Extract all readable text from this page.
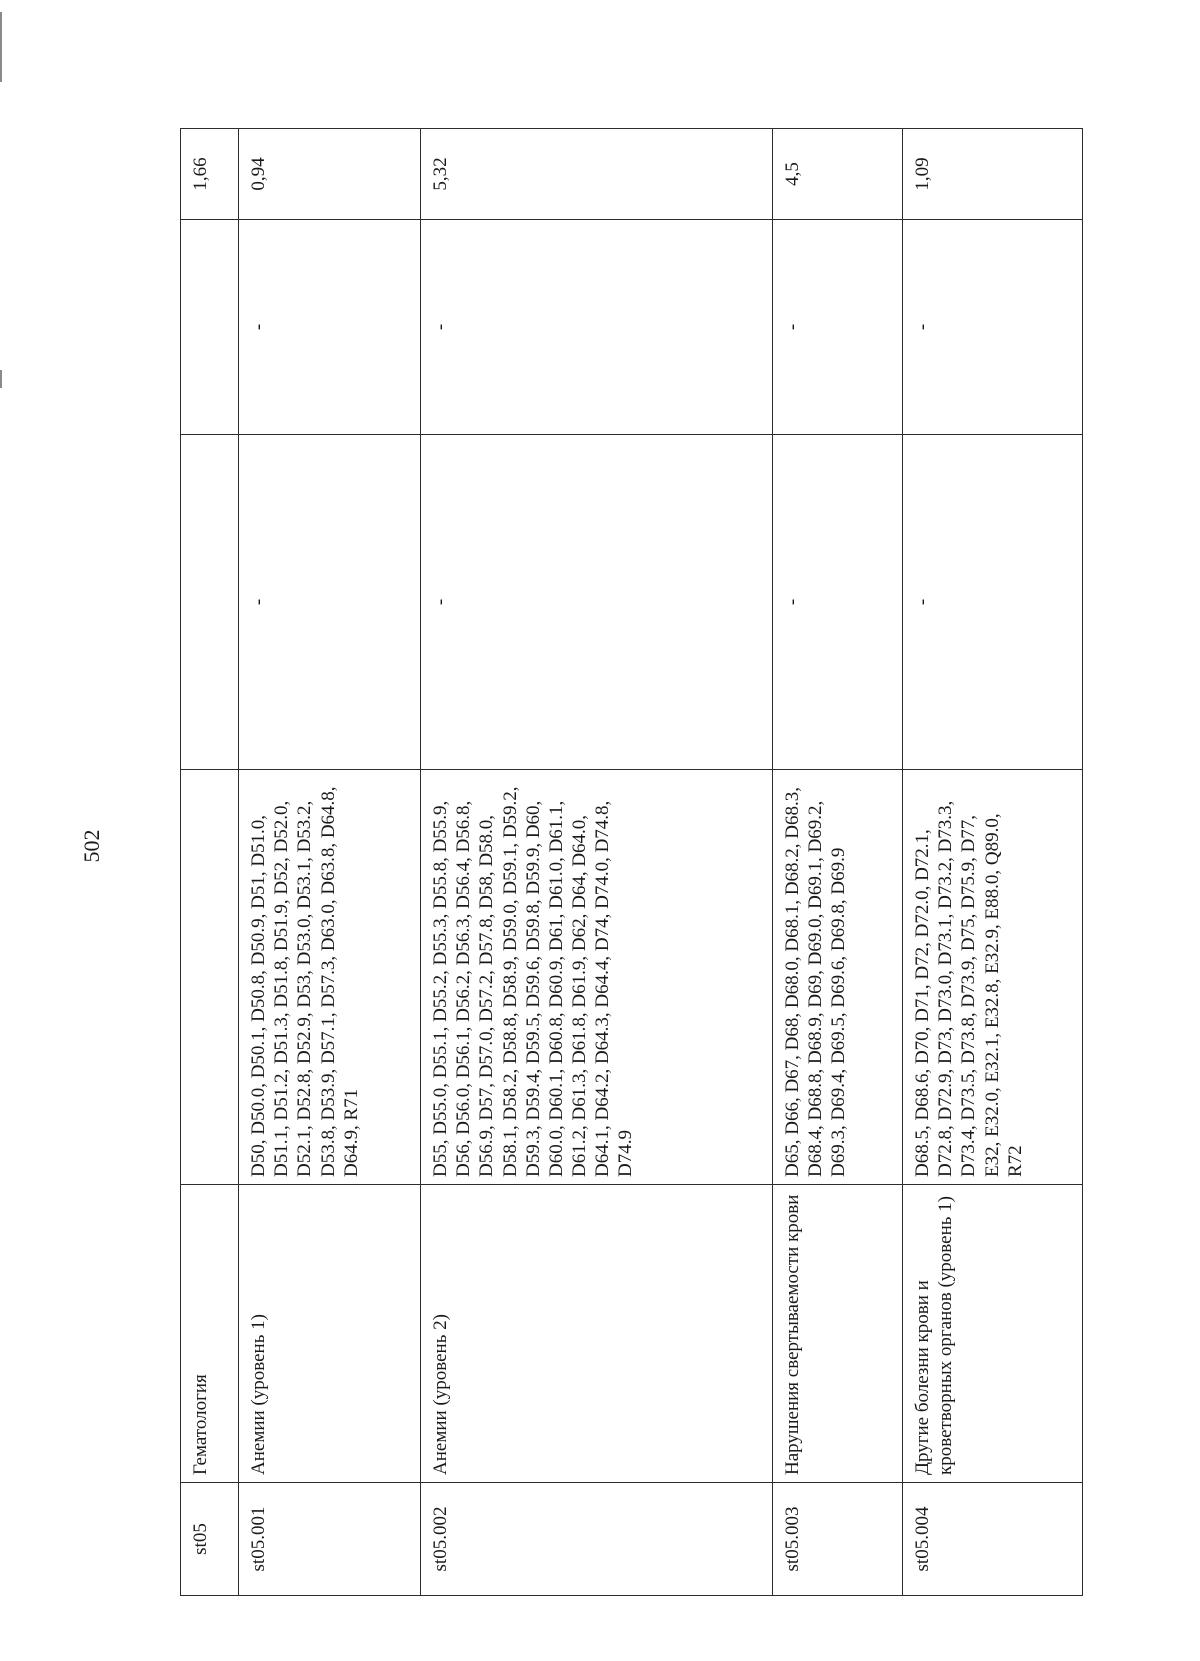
502
st05	Гематология				1,66
st05.001	Анемии (уровень 1)	D50, D50.0, D50.1, D50.8, D50.9, D51, D51.0, D51.1, D51.2, D51.3, D51.8, D51.9, D52, D52.0, D52.1, D52.8, D52.9, D53, D53.0, D53.1, D53.2, D53.8, D53.9, D57.1, D57.3, D63.0, D63.8, D64.8, D64.9, R71	-	-	0,94
st05.002	Анемии (уровень 2)	D55, D55.0, D55.1, D55.2, D55.3, D55.8, D55.9, D56, D56.0, D56.1, D56.2, D56.3, D56.4, D56.8, D56.9, D57, D57.0, D57.2, D57.8, D58, D58.0, D58.1, D58.2, D58.8, D58.9, D59.0, D59.1, D59.2, D59.3, D59.4, D59.5, D59.6, D59.8, D59.9, D60, D60.0, D60.1, D60.8, D60.9, D61, D61.0, D61.1, D61.2, D61.3, D61.8, D61.9, D62, D64, D64.0, D64.1, D64.2, D64.3, D64.4, D74, D74.0, D74.8, D74.9	-	-	5,32
st05.003	Нарушения свертываемости крови	D65, D66, D67, D68, D68.0, D68.1, D68.2, D68.3, D68.4, D68.8, D68.9, D69, D69.0, D69.1, D69.2, D69.3, D69.4, D69.5, D69.6, D69.8, D69.9	-	-	4,5
st05.004	Другие болезни крови и кроветворных органов (уровень 1)	D68.5, D68.6, D70, D71, D72, D72.0, D72.1, D72.8, D72.9, D73, D73.0, D73.1, D73.2, D73.3, D73.4, D73.5, D73.8, D73.9, D75, D75.9, D77, E32, E32.0, E32.1, E32.8, E32.9, E88.0, Q89.0, R72	-	-	1,09
